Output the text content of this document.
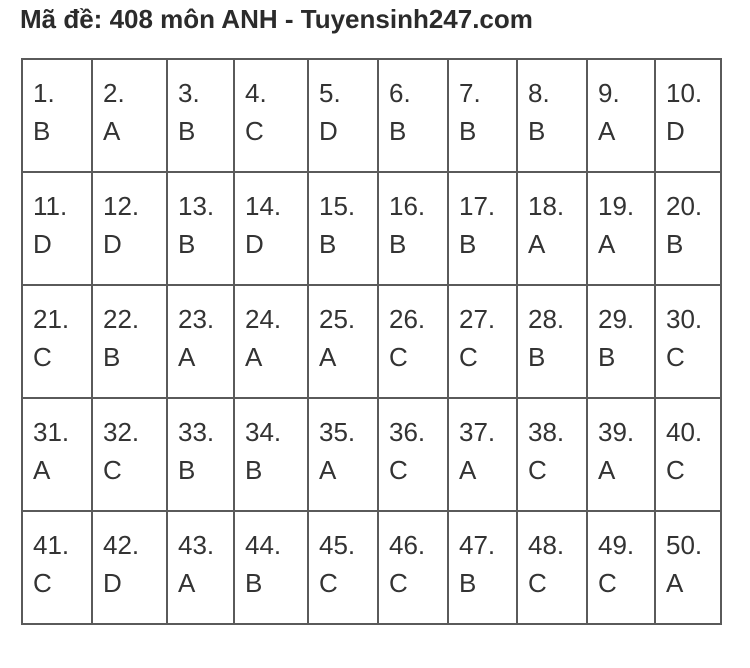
Mã đề: 408 môn ANH - Tuyensinh247.com
1.
B	2.
A	3.
B	4.
C	5.
D	6.
B	7.
B	8.
B	9.
A	10.
D

11.
D	12.
D	13.
B	14.
D	15.
B	16.
B	17.
B	18.
A	19.
A	20.
B

21.
C	22.
B	23.
A	24.
A	25.
A	26.
C	27.
C	28.
B	29.
B	30.
C

31.
A	32.
C	33.
B	34.
B	35.
A	36.
C	37.
A	38.
C	39.
A	40.
C

41.
C	42.
D	43.
A	44.
B	45.
C	46.
C	47.
B	48.
C	49.
C	50.
A
